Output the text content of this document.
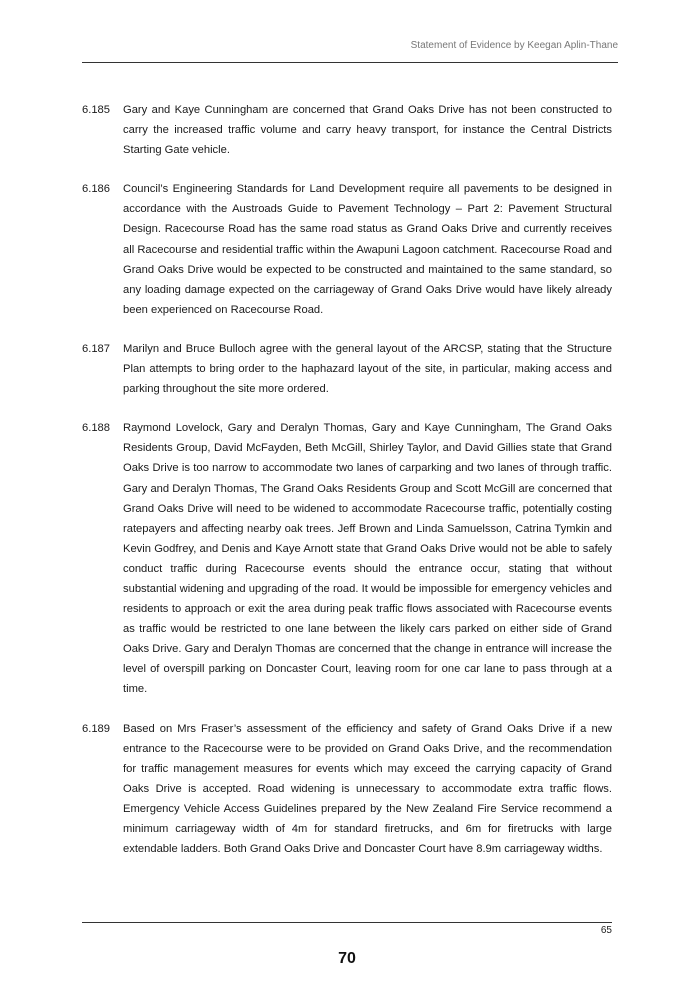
Statement of Evidence by Keegan Aplin-Thane
6.185	Gary and Kaye Cunningham are concerned that Grand Oaks Drive has not been constructed to carry the increased traffic volume and carry heavy transport, for instance the Central Districts Starting Gate vehicle.
6.186	Council’s Engineering Standards for Land Development require all pavements to be designed in accordance with the Austroads Guide to Pavement Technology – Part 2: Pavement Structural Design. Racecourse Road has the same road status as Grand Oaks Drive and currently receives all Racecourse and residential traffic within the Awapuni Lagoon catchment. Racecourse Road and Grand Oaks Drive would be expected to be constructed and maintained to the same standard, so any loading damage expected on the carriageway of Grand Oaks Drive would have likely already been experienced on Racecourse Road.
6.187	Marilyn and Bruce Bulloch agree with the general layout of the ARCSP, stating that the Structure Plan attempts to bring order to the haphazard layout of the site, in particular, making access and parking throughout the site more ordered.
6.188	Raymond Lovelock, Gary and Deralyn Thomas, Gary and Kaye Cunningham, The Grand Oaks Residents Group, David McFayden, Beth McGill, Shirley Taylor, and David Gillies state that Grand Oaks Drive is too narrow to accommodate two lanes of carparking and two lanes of through traffic. Gary and Deralyn Thomas, The Grand Oaks Residents Group and Scott McGill are concerned that Grand Oaks Drive will need to be widened to accommodate Racecourse traffic, potentially costing ratepayers and affecting nearby oak trees. Jeff Brown and Linda Samuelsson, Catrina Tymkin and Kevin Godfrey, and Denis and Kaye Arnott state that Grand Oaks Drive would not be able to safely conduct traffic during Racecourse events should the entrance occur, stating that without substantial widening and upgrading of the road. It would be impossible for emergency vehicles and residents to approach or exit the area during peak traffic flows associated with Racecourse events as traffic would be restricted to one lane between the likely cars parked on either side of Grand Oaks Drive. Gary and Deralyn Thomas are concerned that the change in entrance will increase the level of overspill parking on Doncaster Court, leaving room for one car lane to pass through at a time.
6.189	Based on Mrs Fraser’s assessment of the efficiency and safety of Grand Oaks Drive if a new entrance to the Racecourse were to be provided on Grand Oaks Drive, and the recommendation for traffic management measures for events which may exceed the carrying capacity of Grand Oaks Drive is accepted. Road widening is unnecessary to accommodate extra traffic flows. Emergency Vehicle Access Guidelines prepared by the New Zealand Fire Service recommend a minimum carriageway width of 4m for standard firetrucks, and 6m for firetrucks with large extendable ladders. Both Grand Oaks Drive and Doncaster Court have 8.9m carriageway widths.
65
70
